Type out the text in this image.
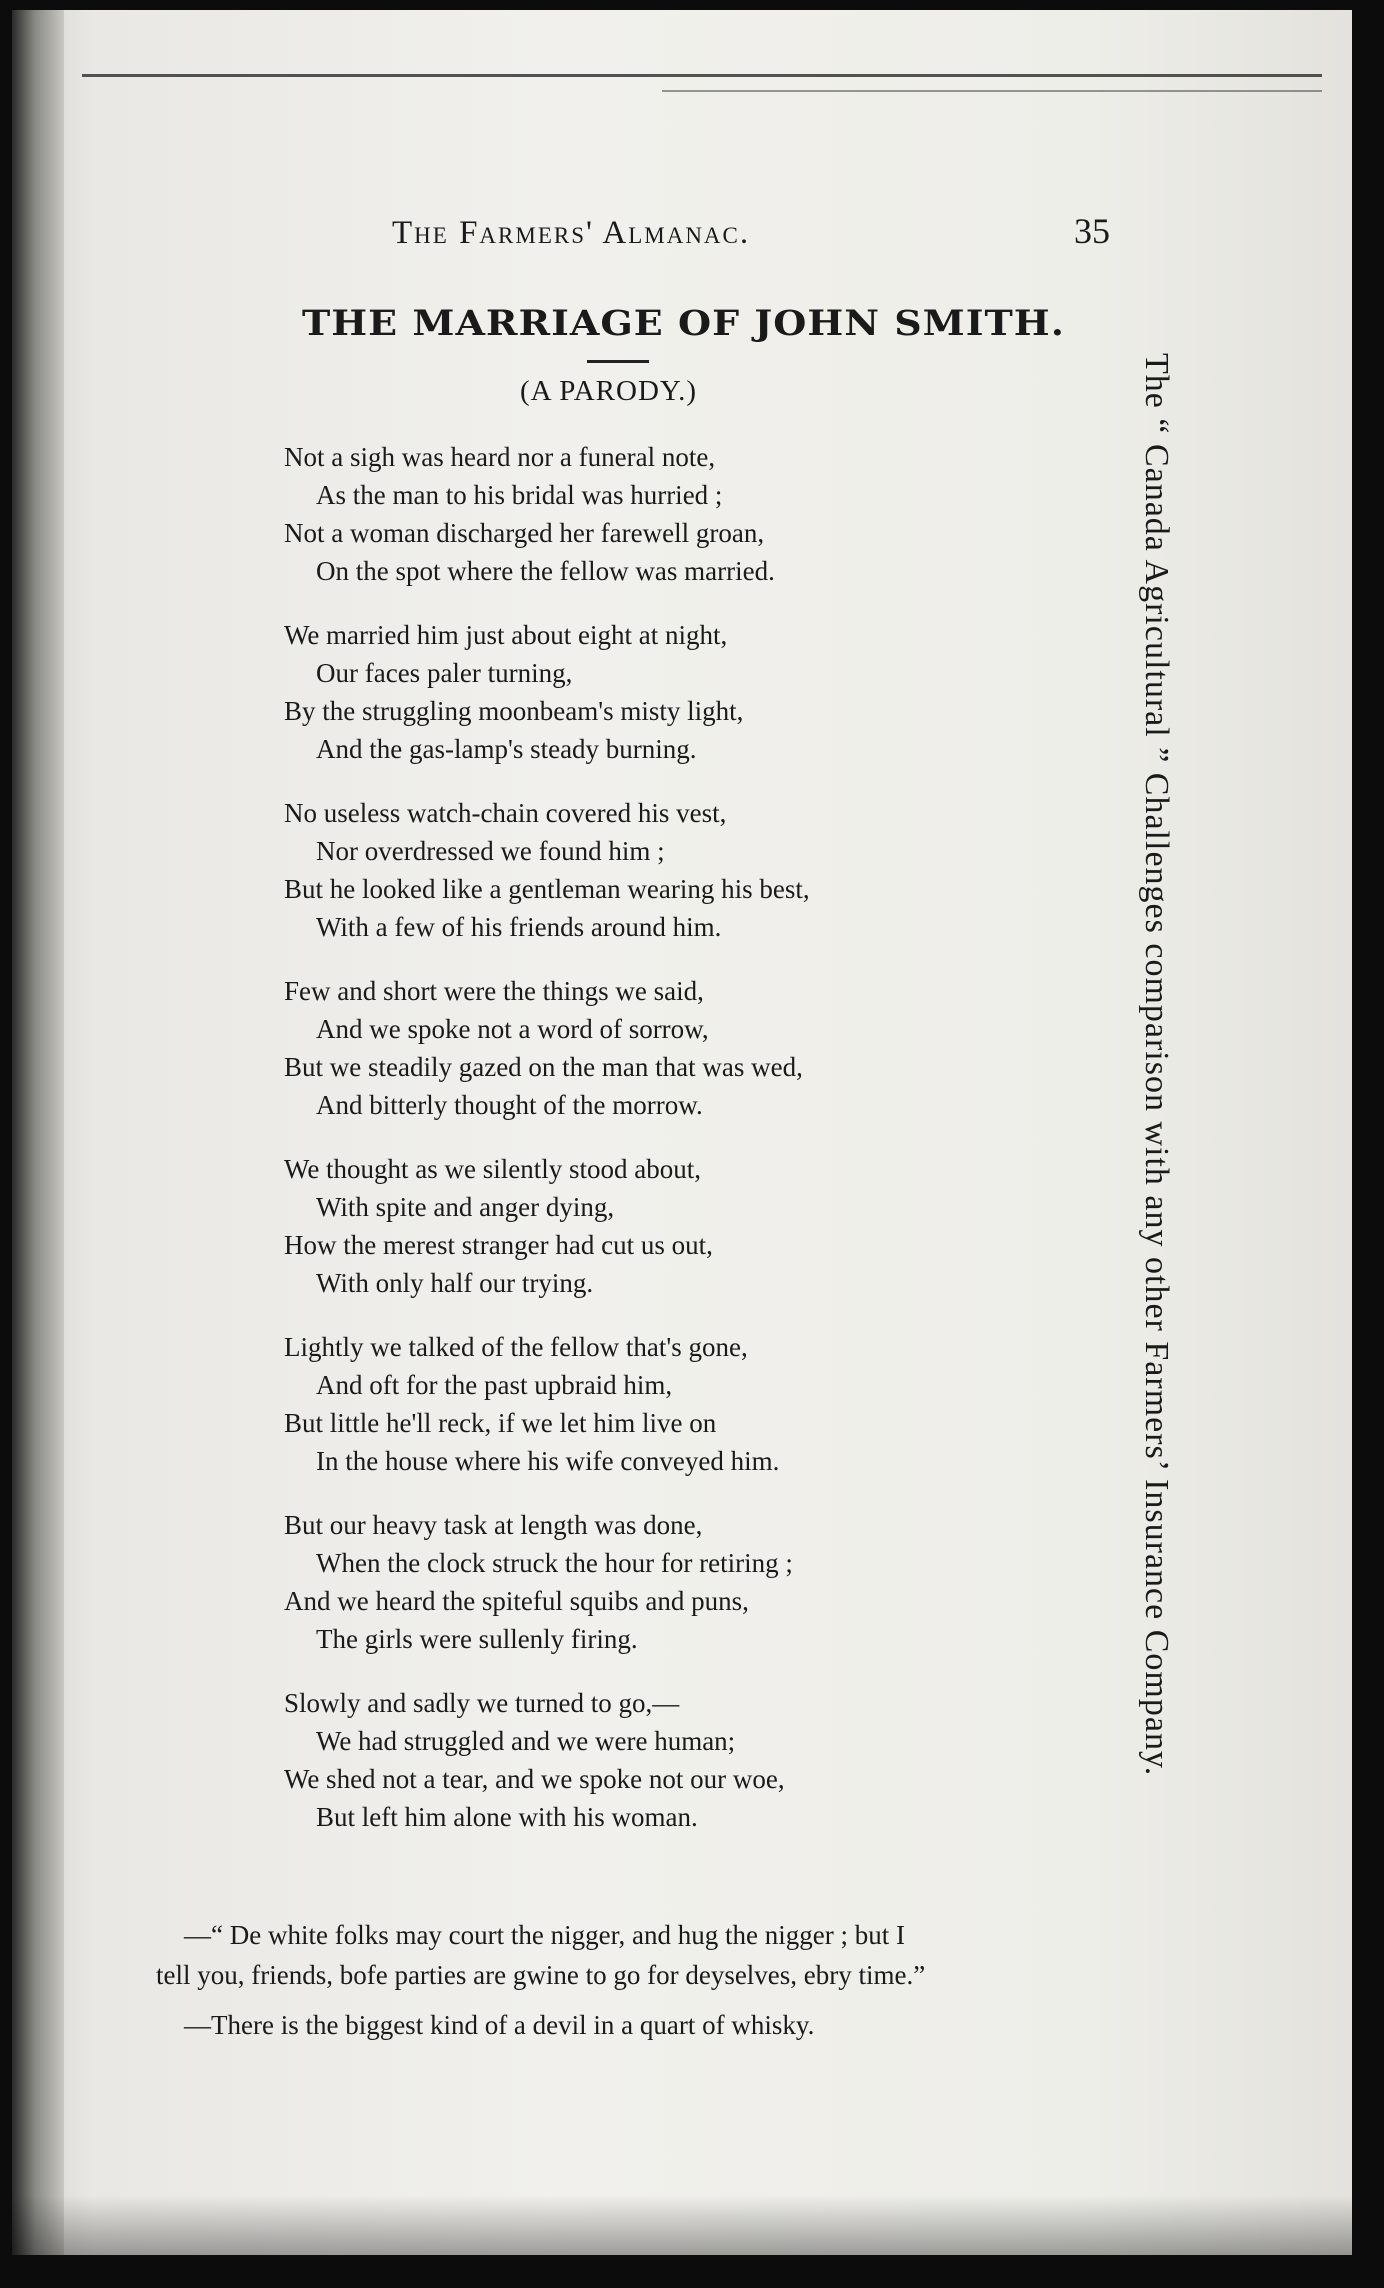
The Farmers' Almanac.	35
THE MARRIAGE OF JOHN SMITH.
(A PARODY.)
Not a sigh was heard nor a funeral note,
As the man to his bridal was hurried ;
Not a woman discharged her farewell groan,
On the spot where the fellow was married.
We married him just about eight at night,
Our faces paler turning,
By the struggling moonbeam's misty light,
And the gas-lamp's steady burning.
No useless watch-chain covered his vest,
Nor overdressed we found him ;
But he looked like a gentleman wearing his best,
With a few of his friends around him.
Few and short were the things we said,
And we spoke not a word of sorrow,
But we steadily gazed on the man that was wed,
And bitterly thought of the morrow.
We thought as we silently stood about,
With spite and anger dying,
How the merest stranger had cut us out,
With only half our trying.
Lightly we talked of the fellow that's gone,
And oft for the past upbraid him,
But little he'll reck, if we let him live on
In the house where his wife conveyed him.
But our heavy task at length was done,
When the clock struck the hour for retiring ;
And we heard the spiteful squibs and puns,
The girls were sullenly firing.
Slowly and sadly we turned to go,—
We had struggled and we were human;
We shed not a tear, and we spoke not our woe,
But left him alone with his woman.
—“ De white folks may court the nigger, and hug the nigger ; but I
tell you, friends, bofe parties are gwine to go for deyselves, ebry time.”
—There is the biggest kind of a devil in a quart of whisky.
The “ Canada Agricultural ” Challenges comparison with any other Farmers’ Insurance Company.
